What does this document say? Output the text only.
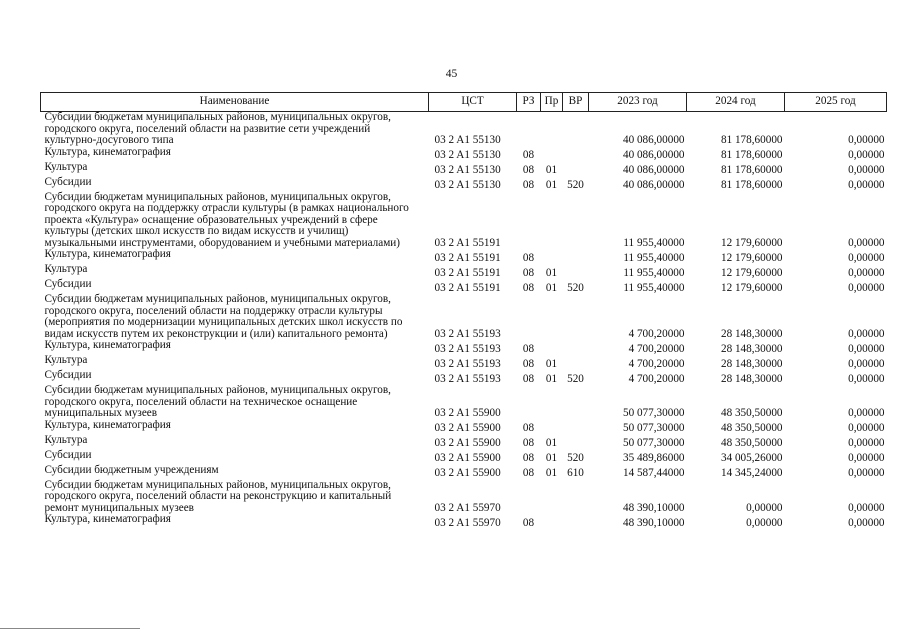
45
Наименование	ЦСТ	РЗ	Пр	ВР	2023 год	2024 год	2025 год
Субсидии бюджетам муниципальных районов, муниципальных округов, городского округа, поселений области на развитие сети учреждений культурно-досугового типа	03 2 A1 55130				40 086,00000	81 178,60000	0,00000
Культура, кинематография	03 2 A1 55130	08			40 086,00000	81 178,60000	0,00000
Культура	03 2 A1 55130	08	01		40 086,00000	81 178,60000	0,00000
Субсидии	03 2 A1 55130	08	01	520	40 086,00000	81 178,60000	0,00000
Субсидии бюджетам муниципальных районов, муниципальных округов, городского округа на поддержку отрасли культуры (в рамках национального проекта «Культура» оснащение образовательных учреждений в сфере культуры (детских школ искусств по видам искусств и училищ) музыкальными инструментами, оборудованием и учебными материалами)	03 2 A1 55191				11 955,40000	12 179,60000	0,00000
Культура, кинематография	03 2 A1 55191	08			11 955,40000	12 179,60000	0,00000
Культура	03 2 A1 55191	08	01		11 955,40000	12 179,60000	0,00000
Субсидии	03 2 A1 55191	08	01	520	11 955,40000	12 179,60000	0,00000
Субсидии бюджетам муниципальных районов, муниципальных округов, городского округа, поселений области на поддержку отрасли культуры (мероприятия по модернизации муниципальных детских школ искусств по видам искусств путем их реконструкции и (или) капитального ремонта)	03 2 A1 55193				4 700,20000	28 148,30000	0,00000
Культура, кинематография	03 2 A1 55193	08			4 700,20000	28 148,30000	0,00000
Культура	03 2 A1 55193	08	01		4 700,20000	28 148,30000	0,00000
Субсидии	03 2 A1 55193	08	01	520	4 700,20000	28 148,30000	0,00000
Субсидии бюджетам муниципальных районов, муниципальных округов, городского округа, поселений области на техническое оснащение муниципальных музеев	03 2 A1 55900				50 077,30000	48 350,50000	0,00000
Культура, кинематография	03 2 A1 55900	08			50 077,30000	48 350,50000	0,00000
Культура	03 2 A1 55900	08	01		50 077,30000	48 350,50000	0,00000
Субсидии	03 2 A1 55900	08	01	520	35 489,86000	34 005,26000	0,00000
Субсидии бюджетным учреждениям	03 2 A1 55900	08	01	610	14 587,44000	14 345,24000	0,00000
Субсидии бюджетам муниципальных районов, муниципальных округов, городского округа, поселений области на реконструкцию и капитальный ремонт муниципальных музеев	03 2 A1 55970				48 390,10000	0,00000	0,00000
Культура, кинематография	03 2 A1 55970	08			48 390,10000	0,00000	0,00000
